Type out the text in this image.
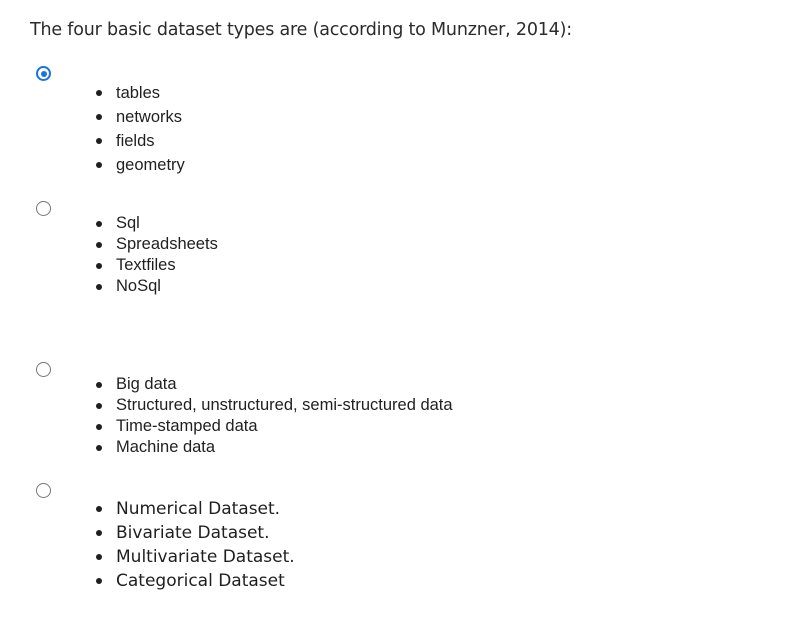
The four basic dataset types are (according to Munzner, 2014):
tables
networks
fields
geometry
Sql
Spreadsheets
Textfiles
NoSql
Big data
Structured, unstructured, semi-structured data
Time-stamped data
Machine data
Numerical Dataset.
Bivariate Dataset.
Multivariate Dataset.
Categorical Dataset
